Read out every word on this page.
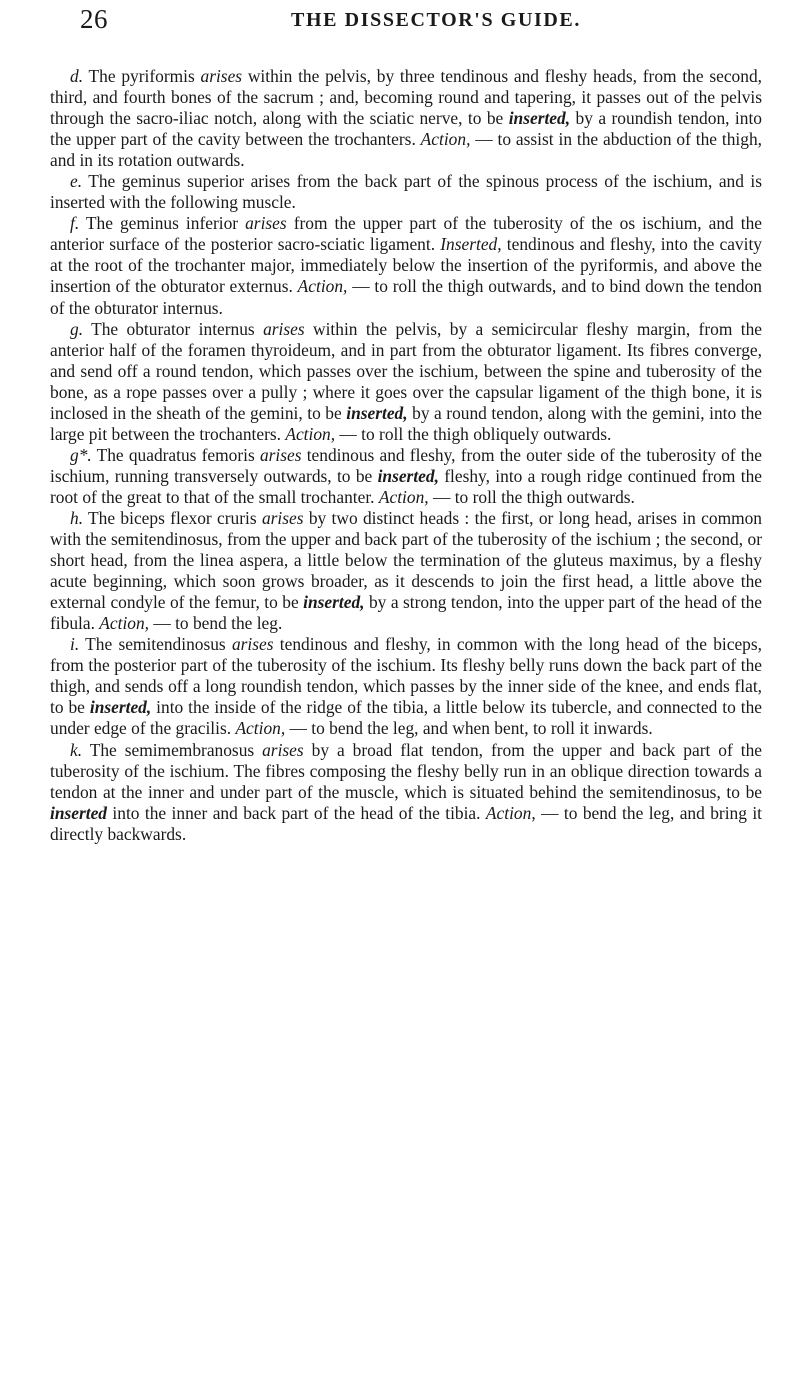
26	THE DISSECTOR'S GUIDE.

d. The pyriformis arises within the pelvis, by three tendinous and fleshy heads, from the second, third, and fourth bones of the sacrum ; and, becoming round and tapering, it passes out of the pelvis through the sacro-iliac notch, along with the sciatic nerve, to be inserted, by a roundish tendon, into the upper part of the cavity between the trochanters. Action, — to assist in the abduction of the thigh, and in its rotation outwards.

e. The geminus superior arises from the back part of the spinous process of the ischium, and is inserted with the following muscle.

f. The geminus inferior arises from the upper part of the tuberosity of the os ischium, and the anterior surface of the posterior sacro-sciatic ligament. Inserted, tendinous and fleshy, into the cavity at the root of the trochanter major, immediately below the insertion of the pyriformis, and above the insertion of the obturator externus. Action, — to roll the thigh outwards, and to bind down the tendon of the obturator internus.

g. The obturator internus arises within the pelvis, by a semicircular fleshy margin, from the anterior half of the foramen thyroideum, and in part from the obturator ligament. Its fibres converge, and send off a round tendon, which passes over the ischium, between the spine and tuberosity of the bone, as a rope passes over a pully ; where it goes over the capsular ligament of the thigh bone, it is inclosed in the sheath of the gemini, to be inserted, by a round tendon, along with the gemini, into the large pit between the trochanters. Action, — to roll the thigh obliquely outwards.

g*. The quadratus femoris arises tendinous and fleshy, from the outer side of the tuberosity of the ischium, running transversely outwards, to be inserted, fleshy, into a rough ridge continued from the root of the great to that of the small trochanter. Action, — to roll the thigh outwards.

h. The biceps flexor cruris arises by two distinct heads : the first, or long head, arises in common with the semitendinosus, from the upper and back part of the tuberosity of the ischium ; the second, or short head, from the linea aspera, a little below the termination of the gluteus maximus, by a fleshy acute beginning, which soon grows broader, as it descends to join the first head, a little above the external condyle of the femur, to be inserted, by a strong tendon, into the upper part of the head of the fibula. Action, — to bend the leg.

i. The semitendinosus arises tendinous and fleshy, in common with the long head of the biceps, from the posterior part of the tuberosity of the ischium. Its fleshy belly runs down the back part of the thigh, and sends off a long roundish tendon, which passes by the inner side of the knee, and ends flat, to be inserted, into the inside of the ridge of the tibia, a little below its tubercle, and connected to the under edge of the gracilis. Action, — to bend the leg, and when bent, to roll it inwards.

k. The semimembranosus arises by a broad flat tendon, from the upper and back part of the tuberosity of the ischium. The fibres composing the fleshy belly run in an oblique direction towards a tendon at the inner and under part of the muscle, which is situated behind the semitendinosus, to be inserted into the inner and back part of the head of the tibia. Action, — to bend the leg, and bring it directly backwards.
